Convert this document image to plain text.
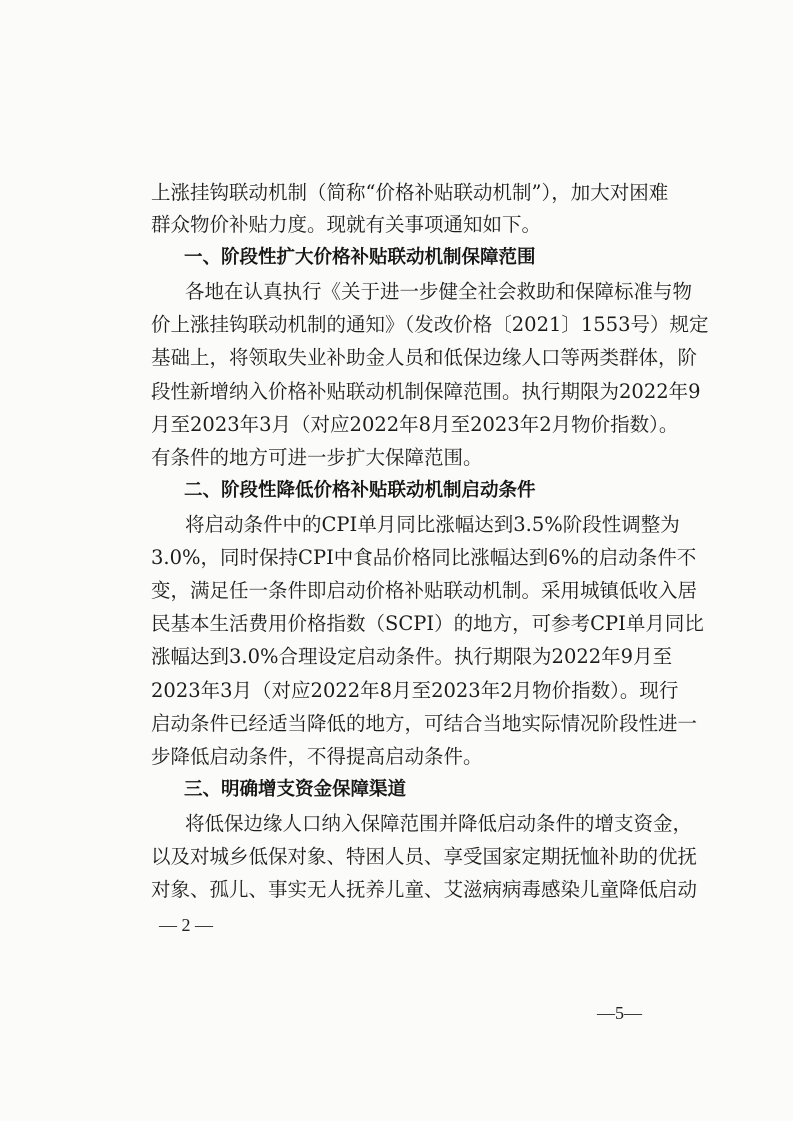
上涨挂钩联动机制（简称“价格补贴联动机制”），加大对困难
群众物价补贴力度。现就有关事项通知如下。
一、阶段性扩大价格补贴联动机制保障范围
各地在认真执行《关于进一步健全社会救助和保障标准与物
价上涨挂钩联动机制的通知》（发改价格〔2021〕1553号）规定
基础上，将领取失业补助金人员和低保边缘人口等两类群体，阶
段性新增纳入价格补贴联动机制保障范围。执行期限为2022年9
月至2023年3月（对应2022年8月至2023年2月物价指数）。
有条件的地方可进一步扩大保障范围。
二、阶段性降低价格补贴联动机制启动条件
将启动条件中的CPI单月同比涨幅达到3.5%阶段性调整为
3.0%，同时保持CPI中食品价格同比涨幅达到6%的启动条件不
变，满足任一条件即启动价格补贴联动机制。采用城镇低收入居
民基本生活费用价格指数（SCPI）的地方，可参考CPI单月同比
涨幅达到3.0%合理设定启动条件。执行期限为2022年9月至
2023年3月（对应2022年8月至2023年2月物价指数）。现行
启动条件已经适当降低的地方，可结合当地实际情况阶段性进一
步降低启动条件，不得提高启动条件。
三、明确增支资金保障渠道
将低保边缘人口纳入保障范围并降低启动条件的增支资金，
以及对城乡低保对象、特困人员、享受国家定期抚恤补助的优抚
对象、孤儿、事实无人抚养儿童、艾滋病病毒感染儿童降低启动
— 2 —
—5—
